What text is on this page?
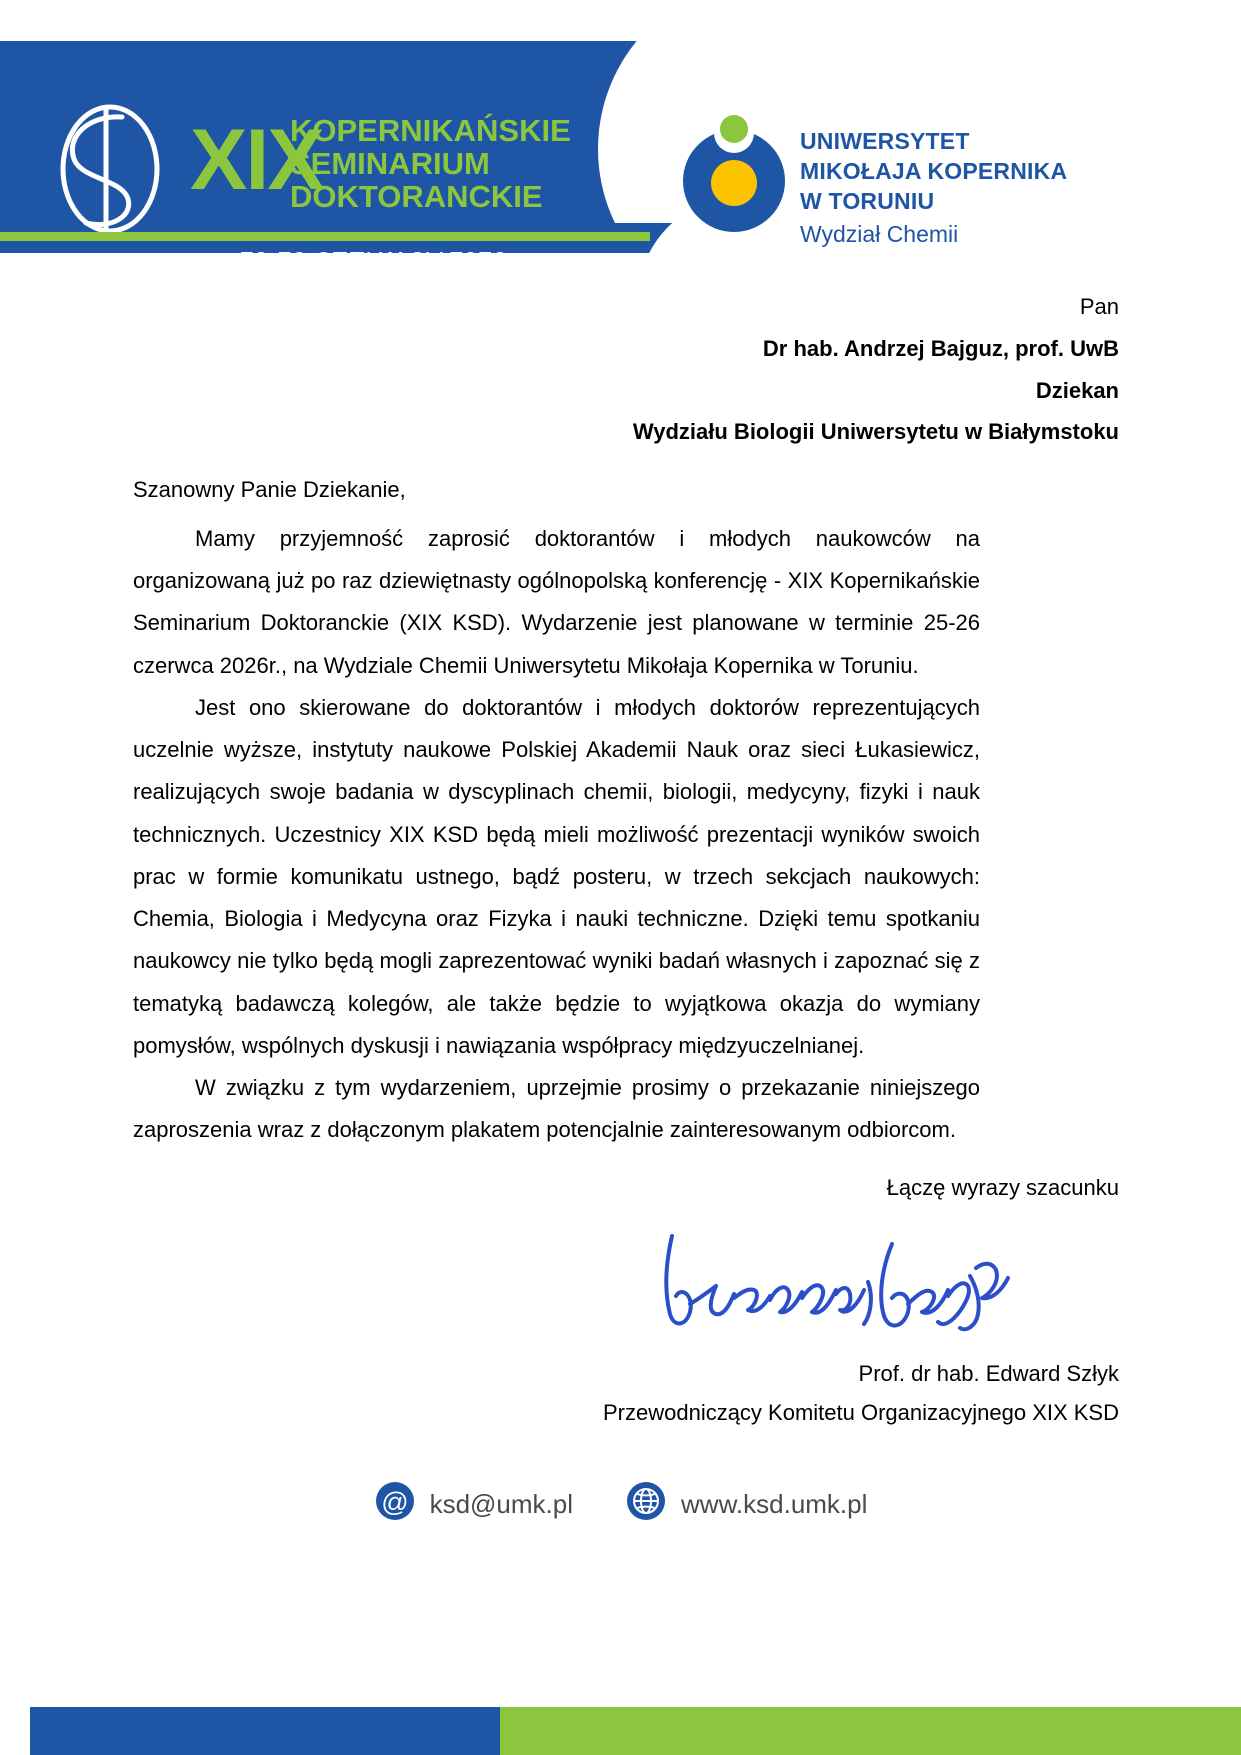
XIX
KOPERNIKAŃSKIE
SEMINARIUM
DOKTORANCKIE
UNIWERSYTET
MIKOŁAJA KOPERNIKA
W TORUNIU
Wydział Chemii
Pan
Dr hab. Andrzej Bajguz, prof. UwB
Dziekan
Wydziału Biologii Uniwersytetu w Białymstoku
Szanowny Panie Dziekanie,

Mamy przyjemność zaprosić doktorantów i młodych naukowców na organizowaną już po raz dziewiętnasty ogólnopolską konferencję - XIX Kopernikańskie Seminarium Doktoranckie (XIX KSD). Wydarzenie jest planowane w terminie 25-26 czerwca 2026r., na Wydziale Chemii Uniwersytetu Mikołaja Kopernika w Toruniu.

Jest ono skierowane do doktorantów i młodych doktorów reprezentujących uczelnie wyższe, instytuty naukowe Polskiej Akademii Nauk oraz sieci Łukasiewicz, realizujących swoje badania w dyscyplinach chemii, biologii, medycyny, fizyki i nauk technicznych. Uczestnicy XIX KSD będą mieli możliwość prezentacji wyników swoich prac w formie komunikatu ustnego, bądź posteru, w trzech sekcjach naukowych: Chemia, Biologia i Medycyna oraz Fizyka i nauki techniczne. Dzięki temu spotkaniu naukowcy nie tylko będą mogli zaprezentować wyniki badań własnych i zapoznać się z tematyką badawczą kolegów, ale także będzie to wyjątkowa okazja do wymiany pomysłów, wspólnych dyskusji i nawiązania współpracy międzyuczelnianej.

W związku z tym wydarzeniem, uprzejmie prosimy o przekazanie niniejszego zaproszenia wraz z dołączonym plakatem potencjalnie zainteresowanym odbiorcom.

Łączę wyrazy szacunku
Prof. dr hab. Edward Szłyk
Przewodniczący Komitetu Organizacyjnego XIX KSD
@ ksd@umk.pl	www.ksd.umk.pl
